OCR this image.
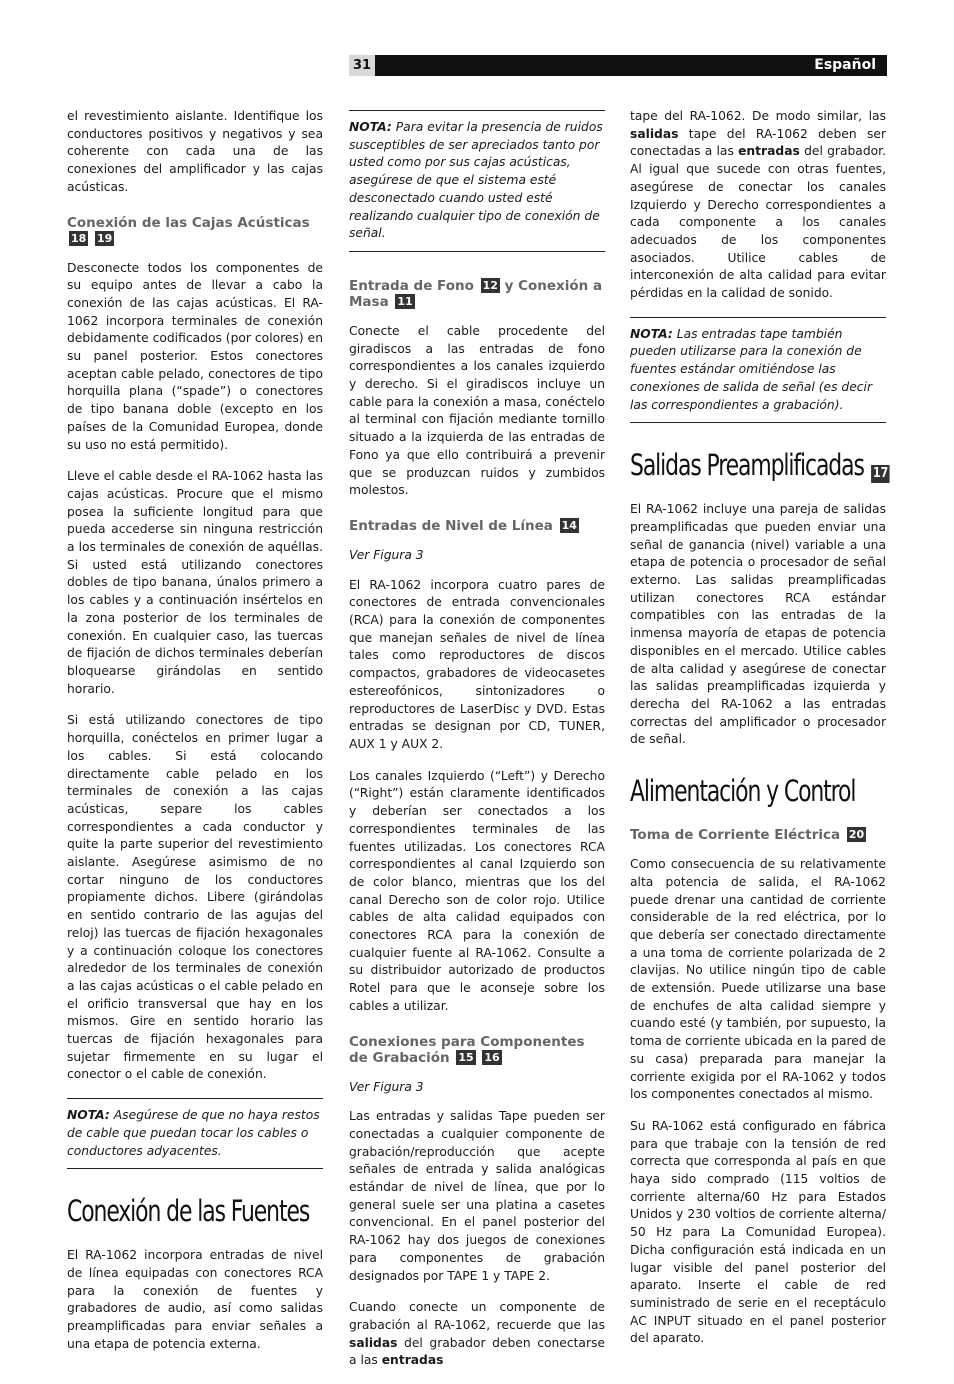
31	Español

el revestimiento aislante. Identifique los conductores positivos y negativos y sea coherente con cada una de las conexiones del amplificador y las cajas acústicas.

Conexión de las Cajas Acústicas 18 19

Desconecte todos los componentes de su equipo antes de llevar a cabo la conexión de las cajas acústicas. El RA-1062 incorpora terminales de conexión debidamente codificados (por colores) en su panel posterior. Estos conectores aceptan cable pelado, conectores de tipo horquilla plana (“spade”) o conectores de tipo banana doble (excepto en los países de la Comunidad Europea, donde su uso no está permitido).

Lleve el cable desde el RA-1062 hasta las cajas acústicas. Procure que el mismo posea la suficiente longitud para que pueda accederse sin ninguna restricción a los terminales de conexión de aquéllas. Si usted está utilizando conectores dobles de tipo banana, únalos primero a los cables y a continuación insértelos en la zona posterior de los terminales de conexión. En cualquier caso, las tuercas de fijación de dichos terminales deberían bloquearse girándolas en sentido horario.

Si está utilizando conectores de tipo horquilla, conéctelos en primer lugar a los cables. Si está colocando directamente cable pelado en los terminales de conexión a las cajas acústicas, separe los cables correspondientes a cada conductor y quite la parte superior del revestimiento aislante. Asegúrese asimismo de no cortar ninguno de los conductores propiamente dichos. Libere (girándolas en sentido contrario de las agujas del reloj) las tuercas de fijación hexagonales y a continuación coloque los conectores alrededor de los terminales de conexión a las cajas acústicas o el cable pelado en el orificio transversal que hay en los mismos. Gire en sentido horario las tuercas de fijación hexagonales para sujetar firmemente en su lugar el conector o el cable de conexión.

NOTA: Asegúrese de que no haya restos de cable que puedan tocar los cables o conductores adyacentes.

Conexión de las Fuentes

El RA-1062 incorpora entradas de nivel de línea equipadas con conectores RCA para la conexión de fuentes y grabadores de audio, así como salidas preamplificadas para enviar señales a una etapa de potencia externa.

NOTA: Para evitar la presencia de ruidos susceptibles de ser apreciados tanto por usted como por sus cajas acústicas, asegúrese de que el sistema esté desconectado cuando usted esté realizando cualquier tipo de conexión de señal.

Entrada de Fono 12 y Conexión a Masa 11

Conecte el cable procedente del giradiscos a las entradas de fono correspondientes a los canales izquierdo y derecho. Si el giradiscos incluye un cable para la conexión a masa, conéctelo al terminal con fijación mediante tornillo situado a la izquierda de las entradas de Fono ya que ello contribuirá a prevenir que se produzcan ruidos y zumbidos molestos.

Entradas de Nivel de Línea 14

Ver Figura 3

El RA-1062 incorpora cuatro pares de conectores de entrada convencionales (RCA) para la conexión de componentes que manejan señales de nivel de línea tales como reproductores de discos compactos, grabadores de videocasetes estereofónicos, sintonizadores o reproductores de LaserDisc y DVD. Estas entradas se designan por CD, TUNER, AUX 1 y AUX 2.

Los canales Izquierdo (“Left”) y Derecho (“Right”) están claramente identificados y deberían ser conectados a los correspondientes terminales de las fuentes utilizadas. Los conectores RCA correspondientes al canal Izquierdo son de color blanco, mientras que los del canal Derecho son de color rojo. Utilice cables de alta calidad equipados con conectores RCA para la conexión de cualquier fuente al RA-1062. Consulte a su distribuidor autorizado de productos Rotel para que le aconseje sobre los cables a utilizar.

Conexiones para Componentes de Grabación 15 16

Ver Figura 3

Las entradas y salidas Tape pueden ser conectadas a cualquier componente de grabación/reproducción que acepte señales de entrada y salida analógicas estándar de nivel de línea, que por lo general suele ser una platina a casetes convencional. En el panel posterior del RA-1062 hay dos juegos de conexiones para componentes de grabación designados por TAPE 1 y TAPE 2.

Cuando conecte un componente de grabación al RA-1062, recuerde que las salidas del grabador deben conectarse a las entradas

tape del RA-1062. De modo similar, las salidas tape del RA-1062 deben ser conectadas a las entradas del grabador. Al igual que sucede con otras fuentes, asegúrese de conectar los canales Izquierdo y Derecho correspondientes a cada componente a los canales adecuados de los componentes asociados. Utilice cables de interconexión de alta calidad para evitar pérdidas en la calidad de sonido.

NOTA: Las entradas tape también pueden utilizarse para la conexión de fuentes estándar omitiéndose las conexiones de salida de señal (es decir las correspondientes a grabación).

Salidas Preamplificadas 17

El RA-1062 incluye una pareja de salidas preamplificadas que pueden enviar una señal de ganancia (nivel) variable a una etapa de potencia o procesador de señal externo. Las salidas preamplificadas utilizan conectores RCA estándar compatibles con las entradas de la inmensa mayoría de etapas de potencia disponibles en el mercado. Utilice cables de alta calidad y asegúrese de conectar las salidas preamplificadas izquierda y derecha del RA-1062 a las entradas correctas del amplificador o procesador de señal.

Alimentación y Control
Toma de Corriente Eléctrica 20

Como consecuencia de su relativamente alta potencia de salida, el RA-1062 puede drenar una cantidad de corriente considerable de la red eléctrica, por lo que debería ser conectado directamente a una toma de corriente polarizada de 2 clavijas. No utilice ningún tipo de cable de extensión. Puede utilizarse una base de enchufes de alta calidad siempre y cuando esté (y también, por supuesto, la toma de corriente ubicada en la pared de su casa) preparada para manejar la corriente exigida por el RA-1062 y todos los componentes conectados al mismo.

Su RA-1062 está configurado en fábrica para que trabaje con la tensión de red correcta que corresponda al país en que haya sido comprado (115 voltios de corriente alterna/60 Hz para Estados Unidos y 230 voltios de corriente alterna/ 50 Hz para La Comunidad Europea). Dicha configuración está indicada en un lugar visible del panel posterior del aparato. Inserte el cable de red suministrado de serie en el receptáculo AC INPUT situado en el panel posterior del aparato.
